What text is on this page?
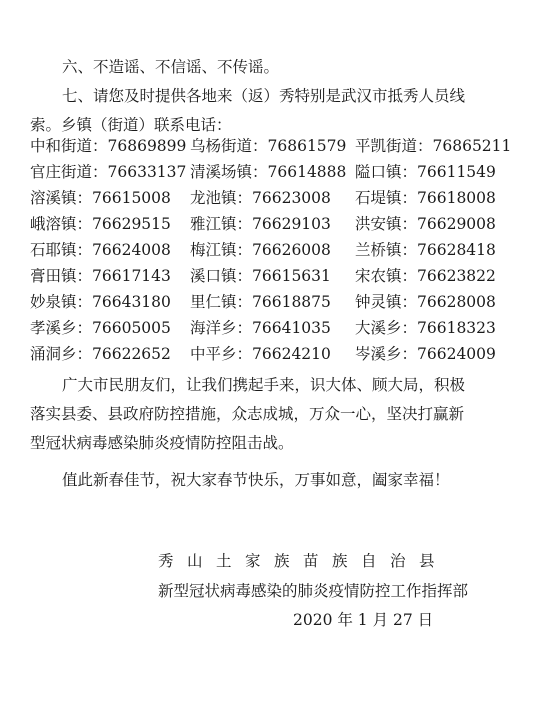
六、不造谣、不信谣、不传谣。
七、请您及时提供各地来（返）秀特别是武汉市抵秀人员线
索。乡镇（街道）联系电话：
中和街道：76869899 乌杨街道：76861579 平凯街道：76865211
官庄街道：76633137 清溪场镇：76614888 隘口镇：76611549
溶溪镇：76615008 龙池镇：76623008 石堤镇：76618008
峨溶镇：76629515 雅江镇：76629103 洪安镇：76629008
石耶镇：76624008 梅江镇：76626008 兰桥镇：76628418
膏田镇：76617143 溪口镇：76615631 宋农镇：76623822
妙泉镇：76643180 里仁镇：76618875 钟灵镇：76628008
孝溪乡：76605005 海洋乡：76641035 大溪乡：76618323
涌洞乡：76622652 中平乡：76624210 岑溪乡：76624009
广大市民朋友们，让我们携起手来，识大体、顾大局，积极
落实县委、县政府防控措施，众志成城，万众一心，坚决打赢新
型冠状病毒感染肺炎疫情防控阻击战。
值此新春佳节，祝大家春节快乐，万事如意，阖家幸福！
秀山土家族苗族自治县
新型冠状病毒感染的肺炎疫情防控工作指挥部
2020 年 1 月 27 日
